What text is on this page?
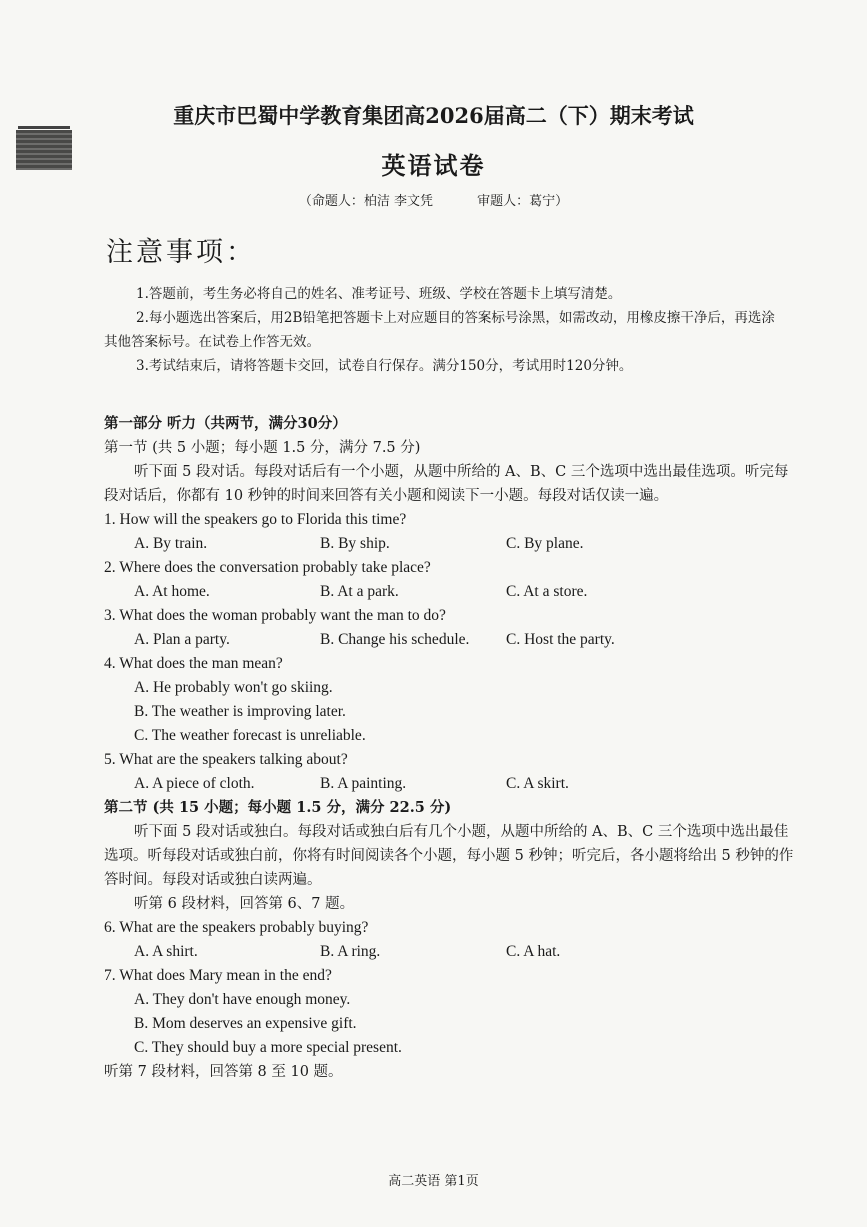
重庆市巴蜀中学教育集团高2026届高二（下）期末考试
英语试卷
（命题人：柏洁 李文凭	审题人：葛宁）
注意事项：

1.答题前，考生务必将自己的姓名、准考证号、班级、学校在答题卡上填写清楚。

2.每小题选出答案后，用2B铅笔把答题卡上对应题目的答案标号涂黑，如需改动，用橡皮擦干净后，再选涂其他答案标号。在试卷上作答无效。

3.考试结束后，请将答题卡交回，试卷自行保存。满分150分，考试用时120分钟。

第一部分 听力（共两节，满分30分）

第一节 (共 5 小题；每小题 1.5 分，满分 7.5 分)

听下面 5 段对话。每段对话后有一个小题，从题中所给的 A、B、C 三个选项中选出最佳选项。听完每段对话后，你都有 10 秒钟的时间来回答有关小题和阅读下一小题。每段对话仅读一遍。

1. How will the speakers go to Florida this time?

A. By train.	B. By ship.	C. By plane.

2. Where does the conversation probably take place?

A. At home.	B. At a park.	C. At a store.

3. What does the woman probably want the man to do?

A. Plan a party.	B. Change his schedule.	C. Host the party.

4. What does the man mean?

A. He probably won't go skiing.

B. The weather is improving later.

C. The weather forecast is unreliable.

5. What are the speakers talking about?

A. A piece of cloth.	B. A painting.	C. A skirt.

第二节 (共 15 小题；每小题 1.5 分，满分 22.5 分)

听下面 5 段对话或独白。每段对话或独白后有几个小题，从题中所给的 A、B、C 三个选项中选出最佳选项。听每段对话或独白前，你将有时间阅读各个小题，每小题 5 秒钟；听完后，各小题将给出 5 秒钟的作答时间。每段对话或独白读两遍。

听第 6 段材料，回答第 6、7 题。

6. What are the speakers probably buying?

A. A shirt.	B. A ring.	C. A hat.

7. What does Mary mean in the end?

A. They don't have enough money.

B. Mom deserves an expensive gift.

C. They should buy a more special present.

听第 7 段材料，回答第 8 至 10 题。

高二英语 第1页
